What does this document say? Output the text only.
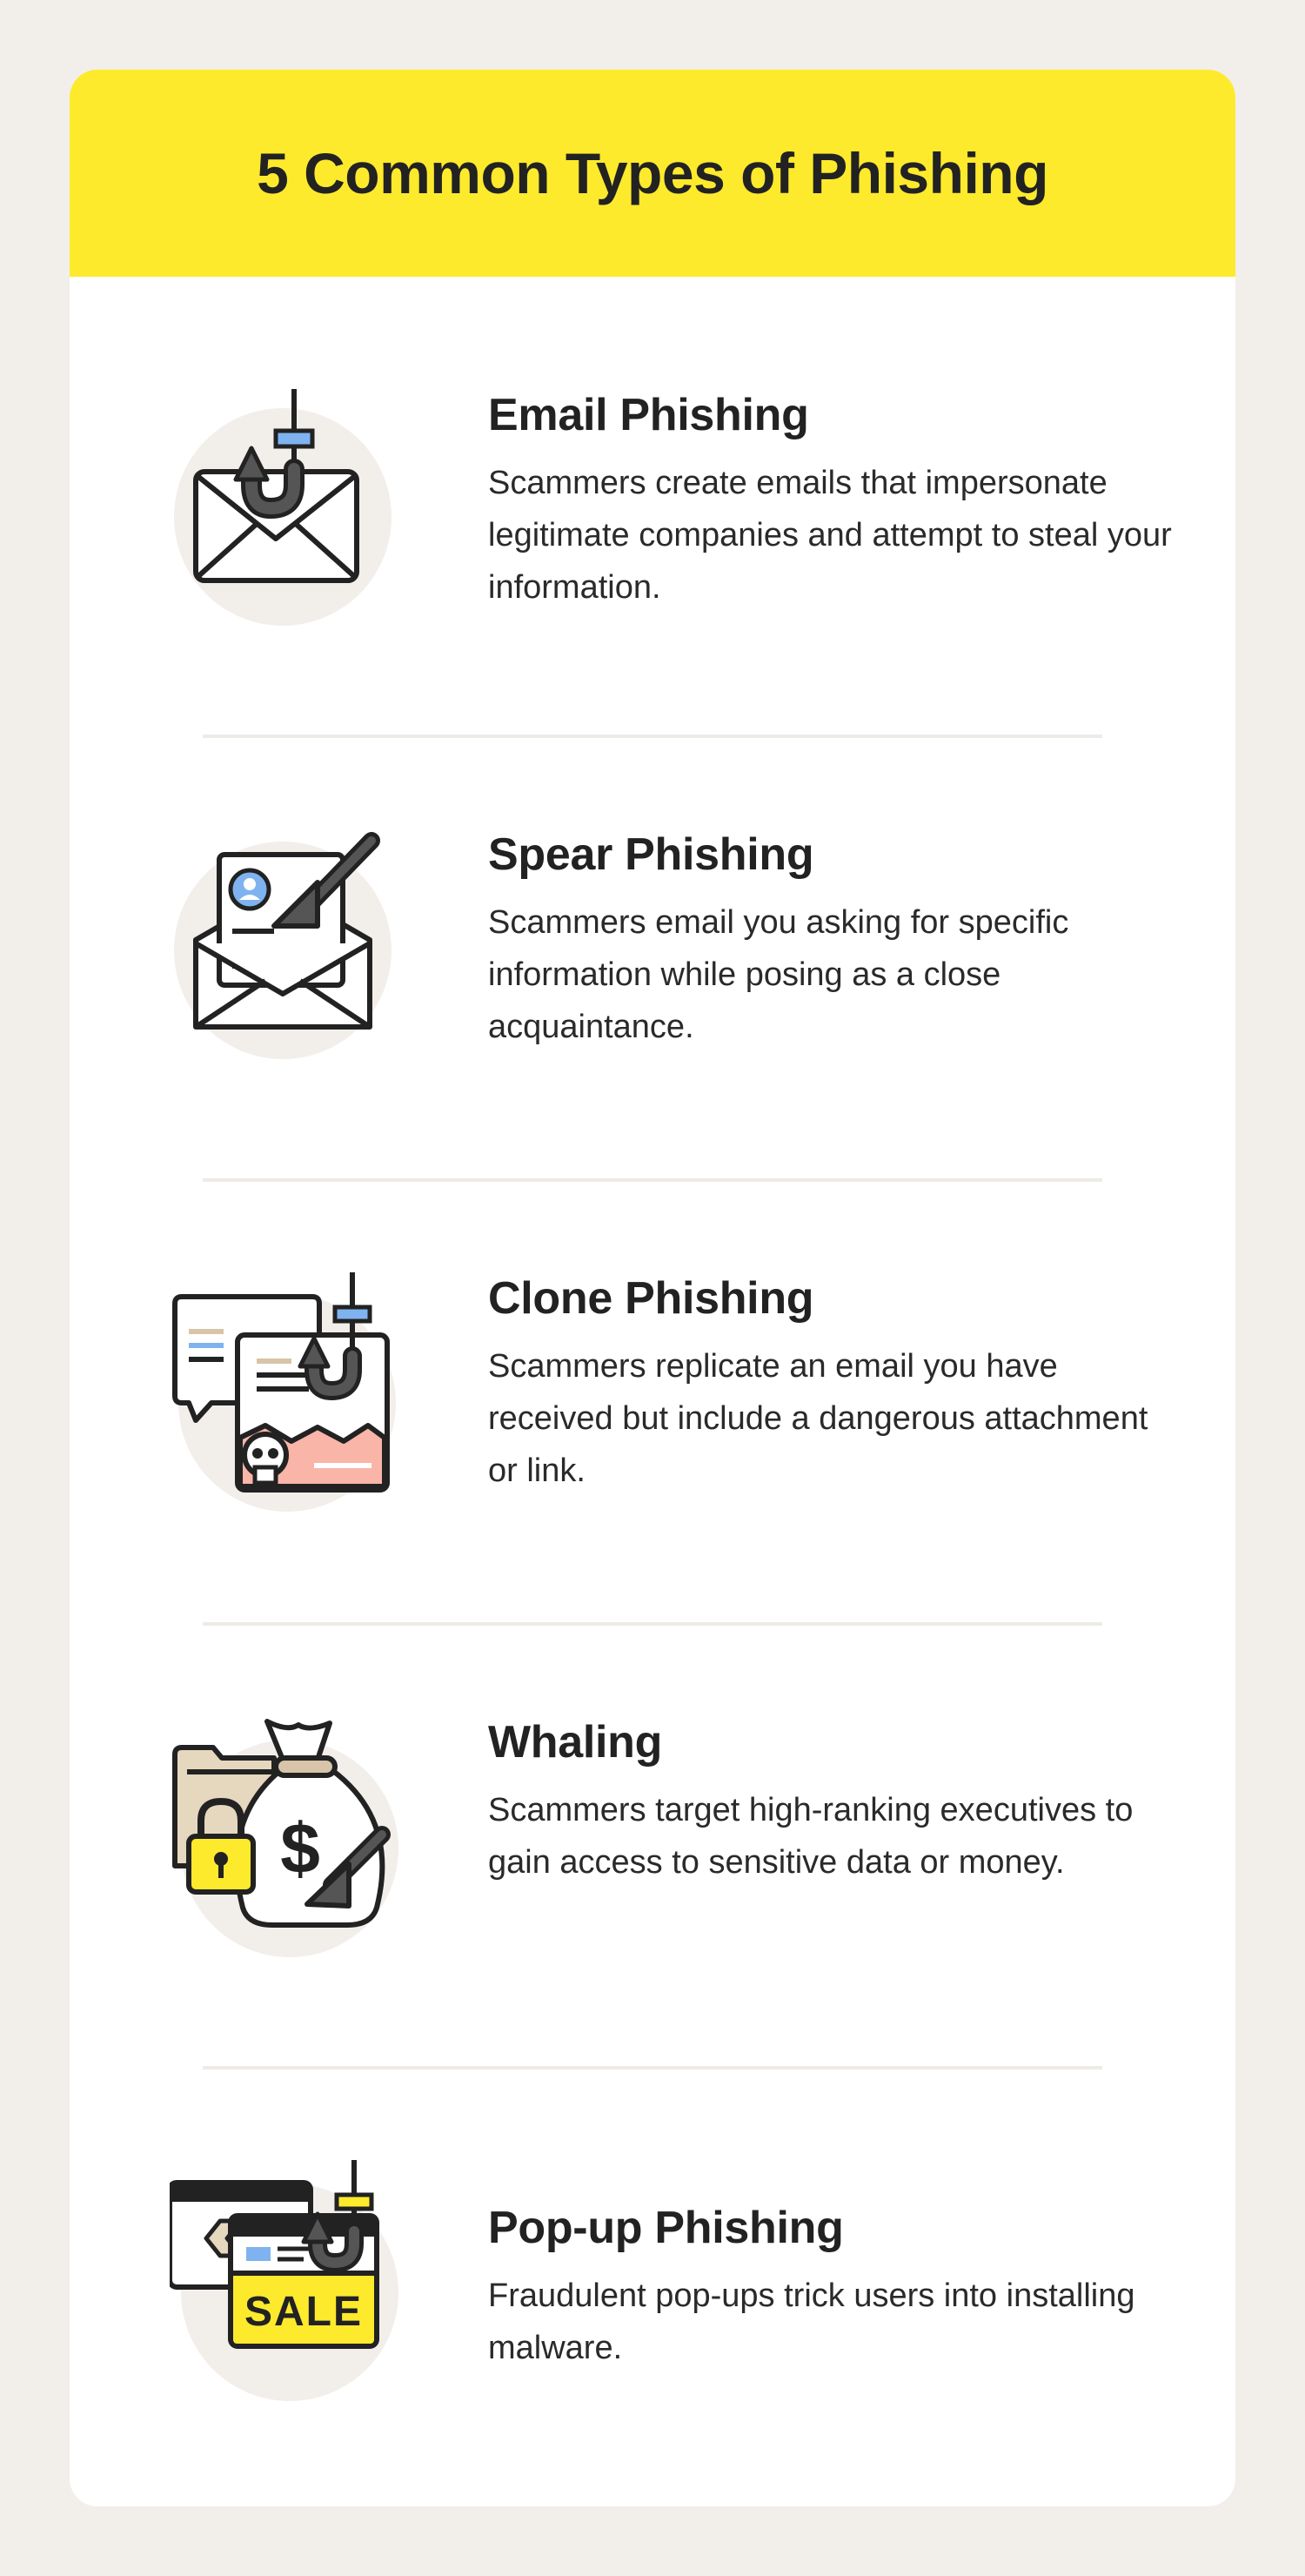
5 Common Types of Phishing
Email Phishing

Scammers create emails that impersonate legitimate companies and attempt to steal your information.

Spear Phishing

Scammers email you asking for specific information while posing as a close acquaintance.

Clone Phishing

Scammers replicate an email you have received but include a dangerous attachment or link.

$
Whaling

Scammers target high-ranking executives to gain access to sensitive data or money.

SALE
Pop-up Phishing

Fraudulent pop-ups trick users into installing malware.
